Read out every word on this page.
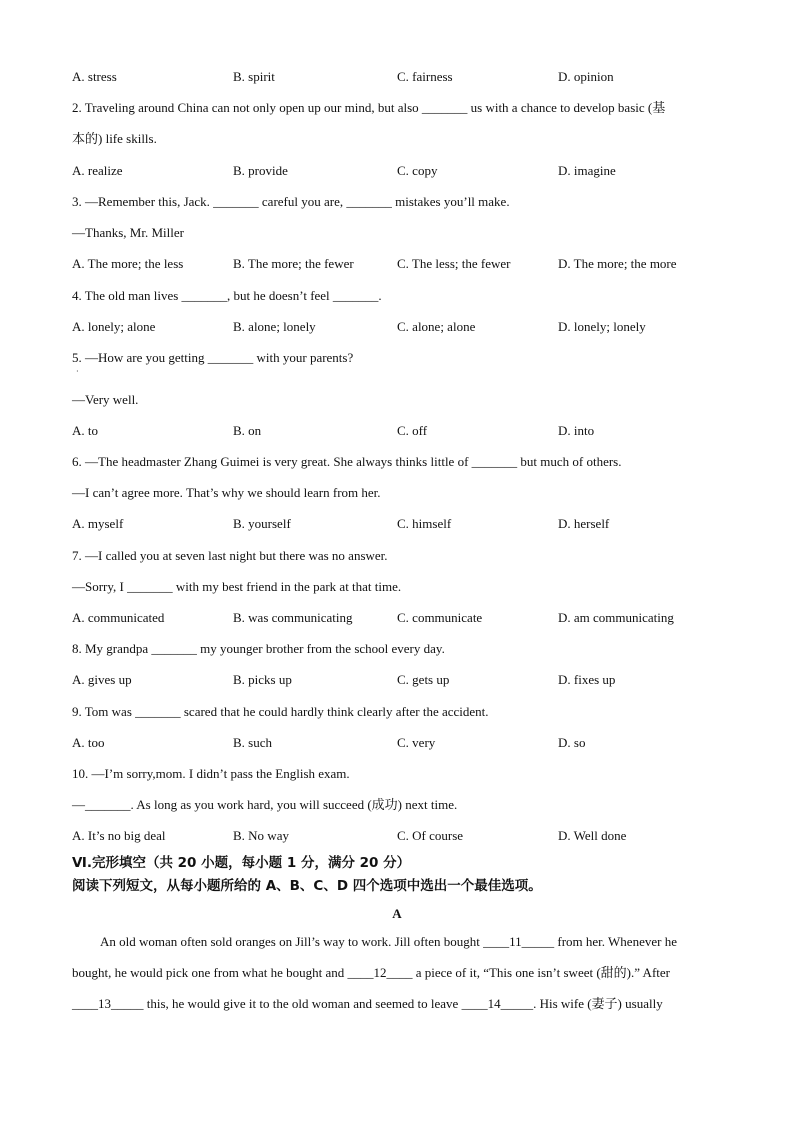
A. stress	B. spirit	C. fairness	D. opinion
2. Traveling around China can not only open up our mind, but also _______ us with a chance to develop basic (基
本的) life skills.
A. realize	B. provide	C. copy	D. imagine
3. —Remember this, Jack. _______ careful you are, _______ mistakes you’ll make.
—Thanks, Mr. Miller
A. The more; the less	B. The more; the fewer	C. The less; the fewer	D. The more; the more
4. The old man lives _______, but he doesn’t feel _______.
A. lonely; alone	B. alone; lonely	C. alone; alone	D. lonely; lonely
5. —How are you getting _______ with your parents?
·
—Very well.
A. to	B. on	C. off	D. into
6. —The headmaster Zhang Guimei is very great. She always thinks little of _______ but much of others.
—I can’t agree more. That’s why we should learn from her.
A. myself	B. yourself	C. himself	D. herself
7. —I called you at seven last night but there was no answer.
—Sorry, I _______ with my best friend in the park at that time.
A. communicated	B. was communicating	C. communicate	D. am communicating
8. My grandpa _______ my younger brother from the school every day.
A. gives up	B. picks up	C. gets up	D. fixes up
9. Tom was _______ scared that he could hardly think clearly after the accident.
A. too	B. such	C. very	D. so
10. —I’m sorry,mom. I didn’t pass the English exam.
—_______. As long as you work hard, you will succeed (成功) next time.
A. It’s no big deal	B. No way	C. Of course	D. Well done
Ⅵ.完形填空（共 20 小题，每小题 1 分，满分 20 分）
阅读下列短文，从每小题所给的 A、B、C、D 四个选项中选出一个最佳选项。
A
An old woman often sold oranges on Jill’s way to work. Jill often bought ____11_____ from her. Whenever he
bought, he would pick one from what he bought and ____12____ a piece of it, “This one isn’t sweet (甜的).” After
____13_____ this, he would give it to the old woman and seemed to leave ____14_____. His wife (妻子) usually
